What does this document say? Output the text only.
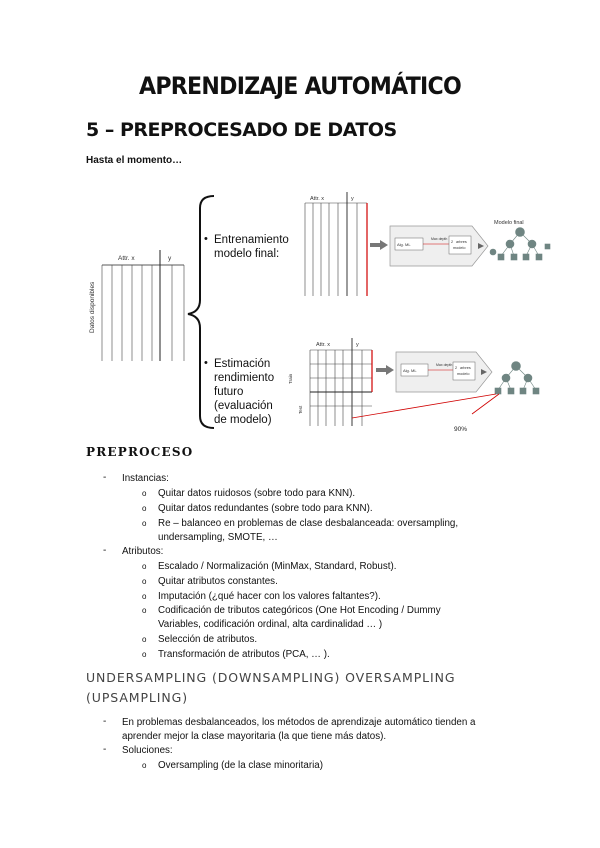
APRENDIZAJE AUTOMÁTICO
5 – PREPROCESADO DE DATOS
Hasta el momento…
Attr. x	y
Datos disponibles
• Entrenamiento
modelo final:
• Estimación
rendimiento
futuro
(evaluación
de modelo)
Attr. x	y
Alg. ML
Max depth
2 arbres
modelo
Modelo final
Attr. x	y
Train
Test
Alg. ML
Max depth
2 arbres
modelo
90%
PREPROCESO
- Instancias:
o Quitar datos ruidosos (sobre todo para KNN).
o Quitar datos redundantes (sobre todo para KNN).
o Re – balanceo en problemas de clase desbalanceada: oversampling,
undersampling, SMOTE, …
- Atributos:
o Escalado / Normalización (MinMax, Standard, Robust).
o Quitar atributos constantes.
o Imputación (¿qué hacer con los valores faltantes?).
o Codificación de tributos categóricos (One Hot Encoding / Dummy
Variables, codificación ordinal, alta cardinalidad … )
o Selección de atributos.
o Transformación de atributos (PCA, … ).
UNDERSAMPLING (DOWNSAMPLING) OVERSAMPLING (UPSAMPLING)
- En problemas desbalanceados, los métodos de aprendizaje automático tienden a
aprender mejor la clase mayoritaria (la que tiene más datos).
- Soluciones:
o Oversampling (de la clase minoritaria)
